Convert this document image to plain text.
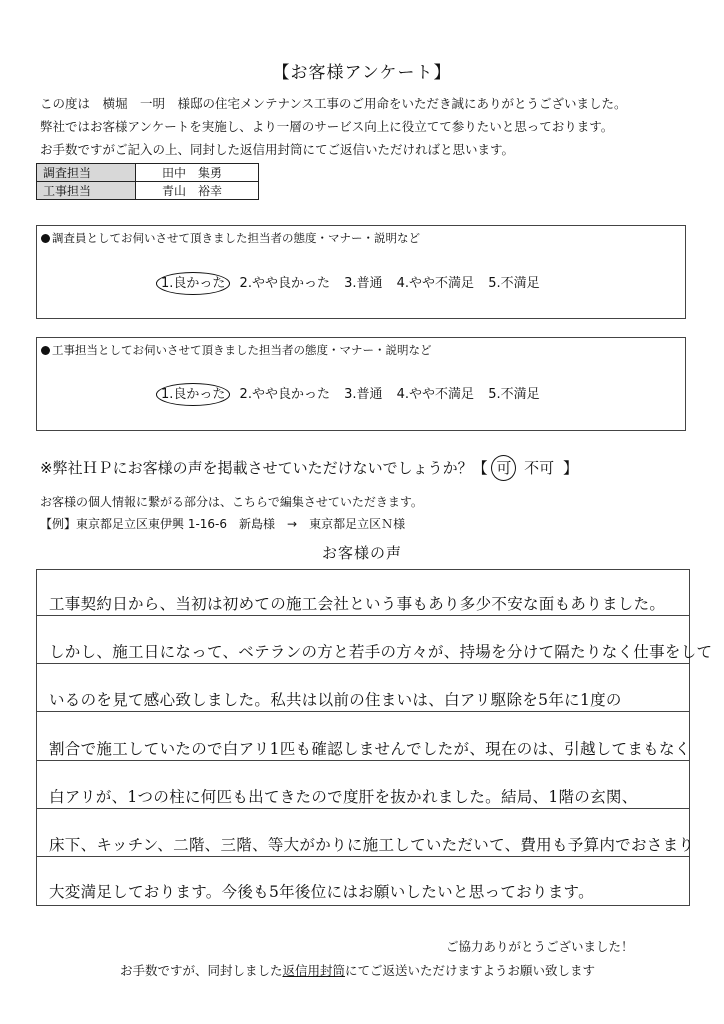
【お客様アンケート】
この度は　横堀　一明　様邸の住宅メンテナンス工事のご用命をいただき誠にありがとうございました。
弊社ではお客様アンケートを実施し、より一層のサービス向上に役立てて参りたいと思っております。
お手数ですがご記入の上、同封した返信用封筒にてご返信いただければと思います。
調査担当	田中　集勇
工事担当	青山　裕幸
調査員としてお伺いさせて頂きました担当者の態度・マナー・説明など
1.良かった 2.やや良かった 3.普通 4.やや不満足 5.不満足
工事担当としてお伺いさせて頂きました担当者の態度・マナー・説明など
1.良かった 2.やや良かった 3.普通 4.やや不満足 5.不満足
※弊社ＨＰにお客様の声を掲載させていただけないでしょうか？【 可 不可 】
お客様の個人情報に繋がる部分は、こちらで編集させていただきます。
【例】東京都足立区東伊興 1-16-6　新島様　→　東京都足立区Ｎ様
お客様の声
工事契約日から、当初は初めての施工会社という事もあり多少不安な面もありました。
しかし、施工日になって、ベテランの方と若手の方々が、持場を分けて隔たりなく仕事をして
いるのを見て感心致しました。私共は以前の住まいは、白アリ駆除を5年に1度の
割合で施工していたので白アリ1匹も確認しませんでしたが、現在のは、引越してまもなく
白アリが、1つの柱に何匹も出てきたので度肝を抜かれました。結局、1階の玄関、
床下、キッチン、二階、三階、等大がかりに施工していただいて、費用も予算内でおさまり
大変満足しております。今後も5年後位にはお願いしたいと思っております。
ご協力ありがとうございました！
お手数ですが、同封しました返信用封筒にてご返送いただけますようお願い致します
